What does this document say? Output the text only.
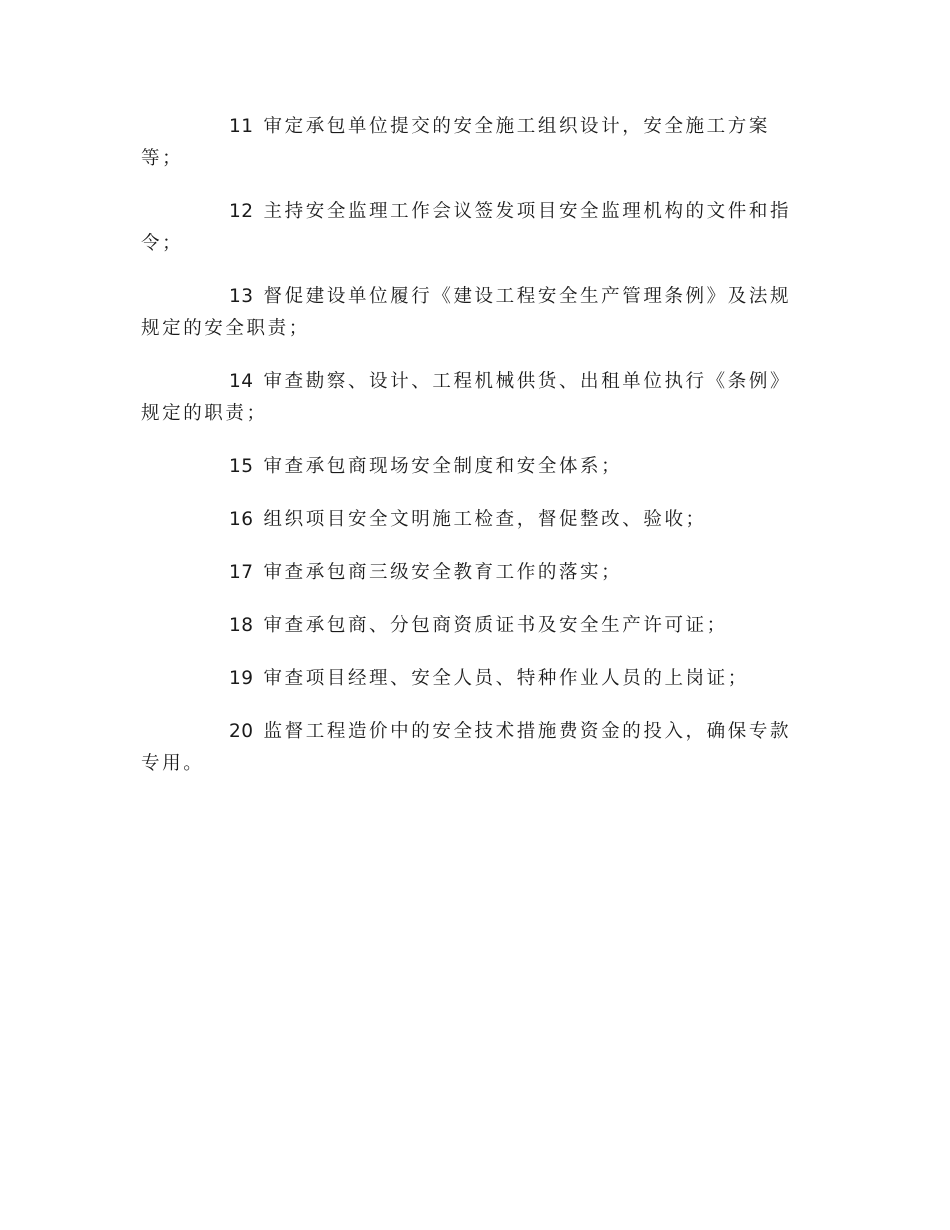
11 审定承包单位提交的安全施工组织设计，安全施工方案等；

12 主持安全监理工作会议签发项目安全监理机构的文件和指令；

13 督促建设单位履行《建设工程安全生产管理条例》及法规规定的安全职责；

14 审查勘察、设计、工程机械供货、出租单位执行《条例》规定的职责；

15 审查承包商现场安全制度和安全体系；

16 组织项目安全文明施工检查，督促整改、验收；

17 审查承包商三级安全教育工作的落实；

18 审查承包商、分包商资质证书及安全生产许可证；

19 审查项目经理、安全人员、特种作业人员的上岗证；

20 监督工程造价中的安全技术措施费资金的投入，确保专款专用。
